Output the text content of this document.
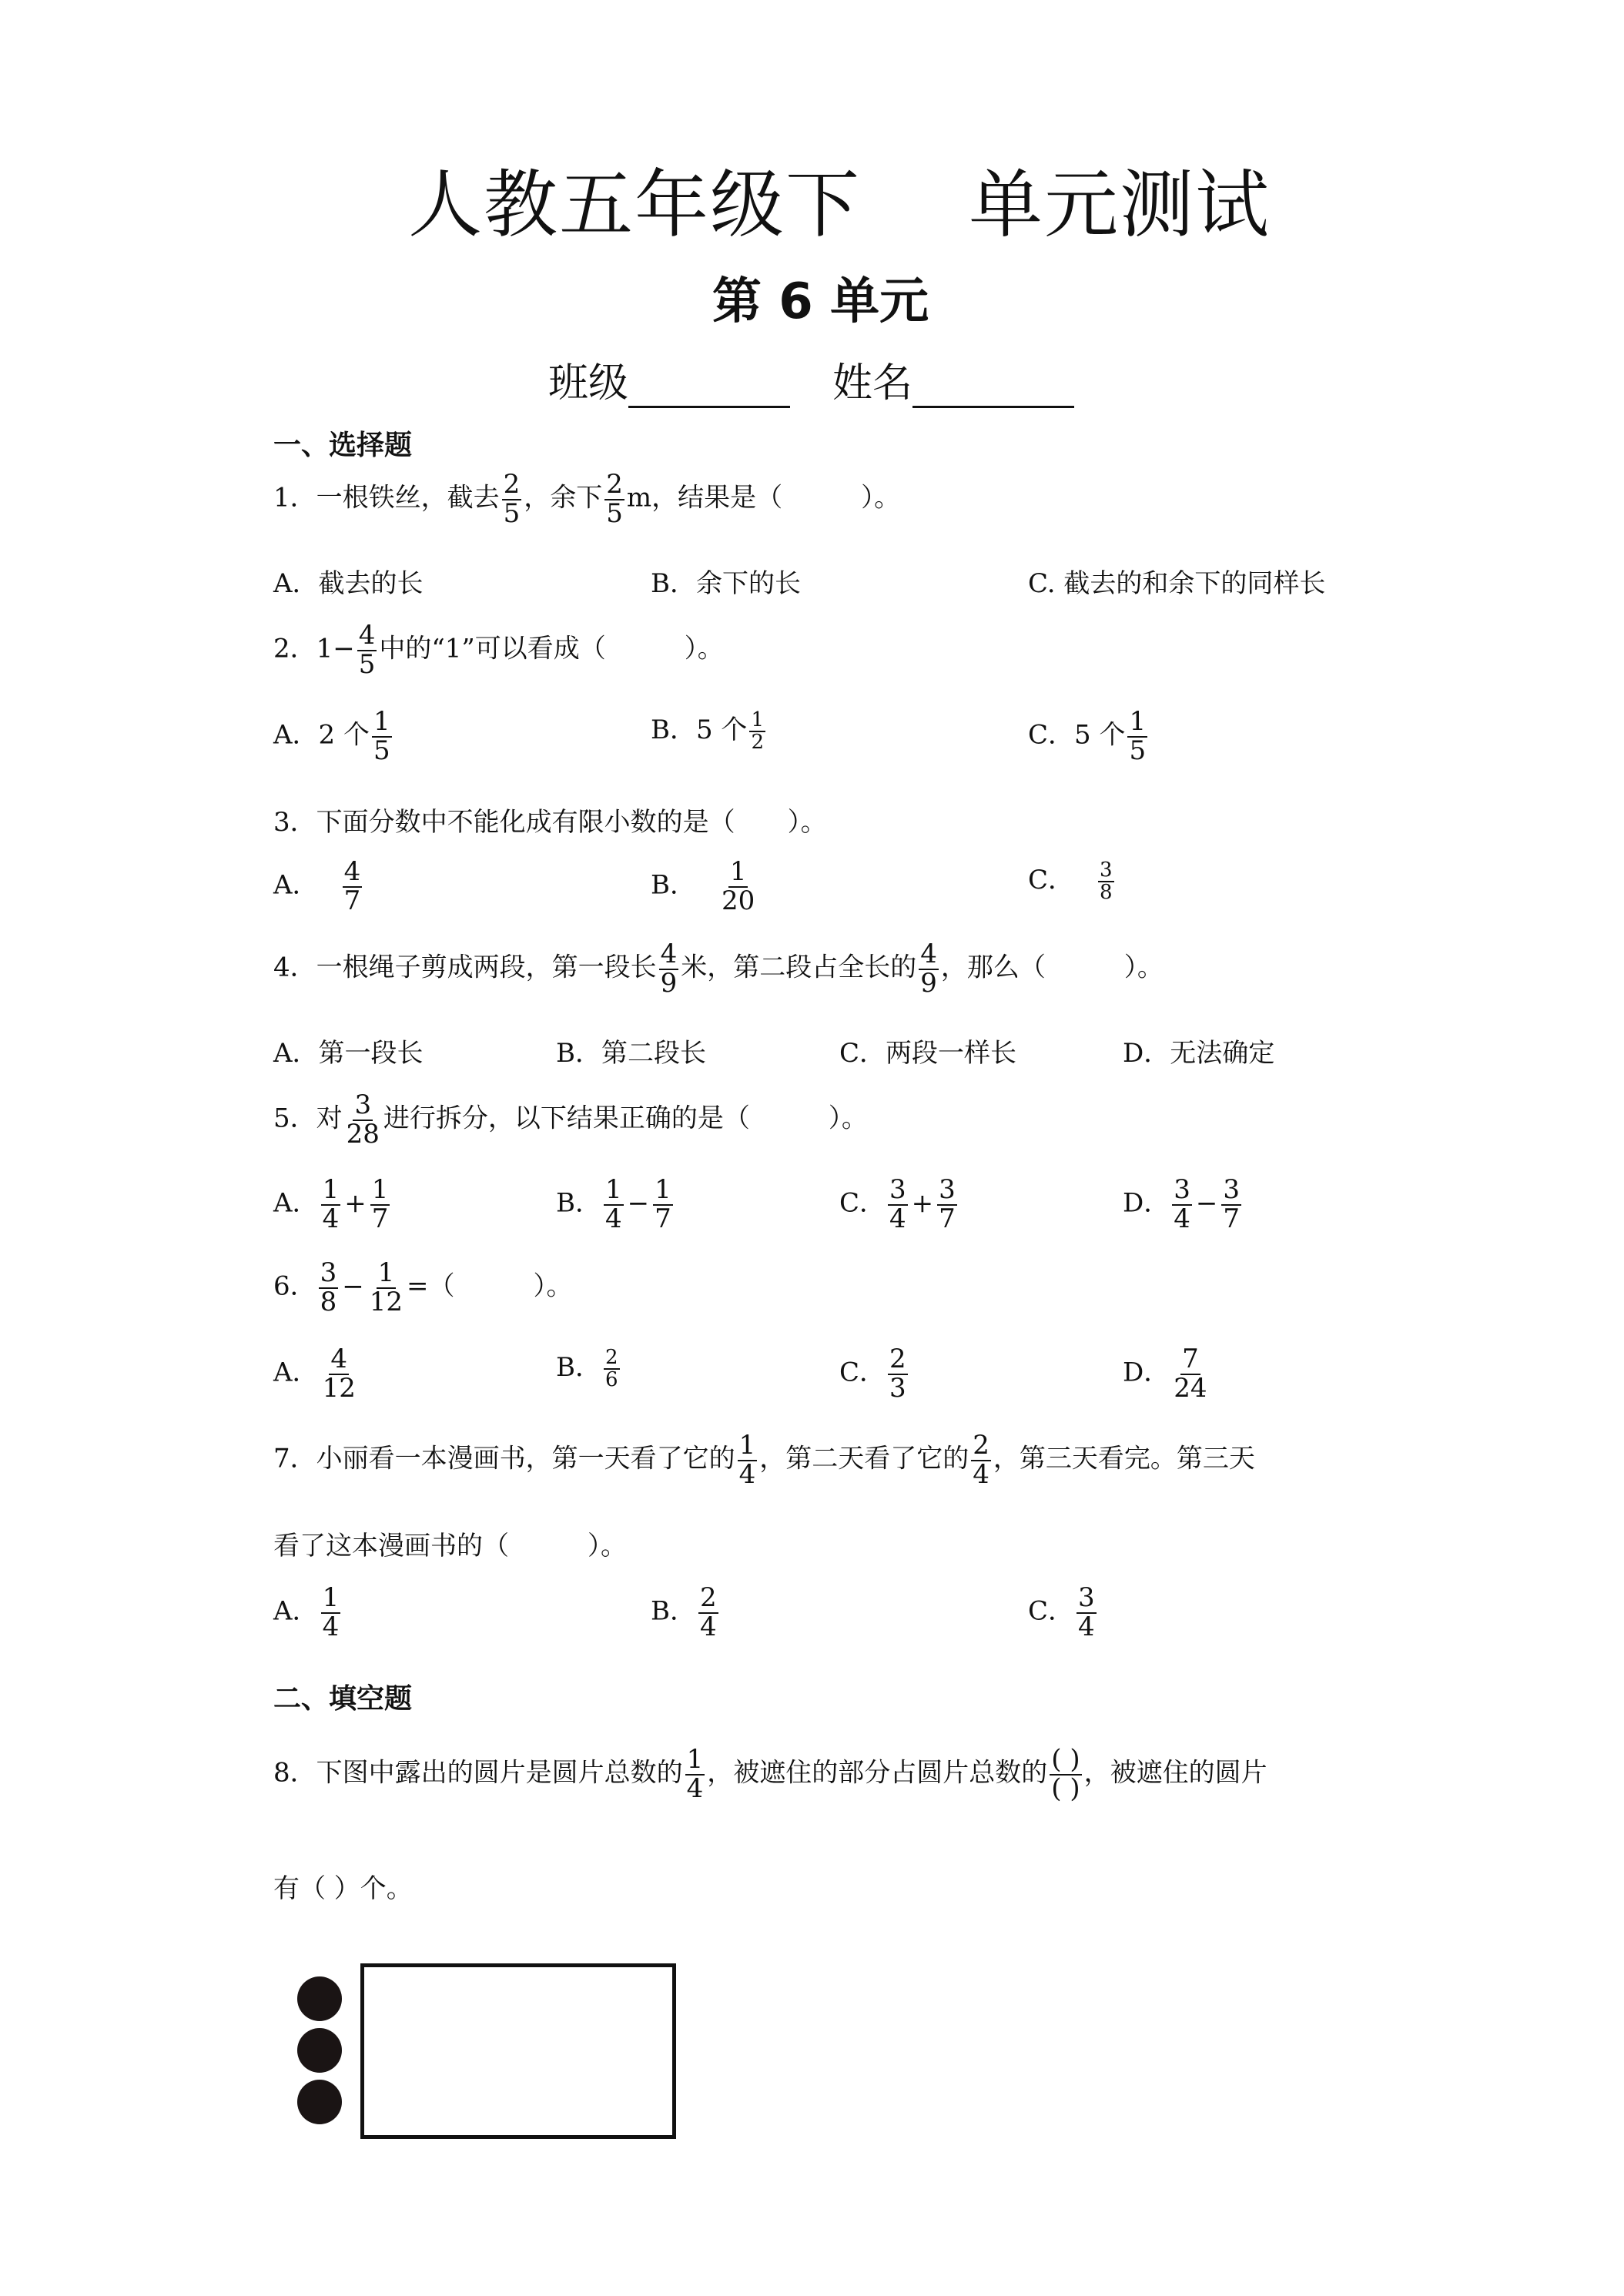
人教五年级下 单元测试
第 6 单元
班级	姓名
一、选择题
1．一根铁丝，截去 $\frac{2}{5}$ ，余下 $\frac{2}{5}$ m，结果是（　　　）。
A．截去的长	B．余下的长	C. 截去的和余下的同样长
2．$1- \frac{4}{5}$ 中的“1”可以看成（　　　）。
A．2 个 $\frac{1}{5}$	B．5 个 $\frac{1}{2}$	C．5 个 $\frac{1}{5}$
3．下面分数中不能化成有限小数的是（　　）。
A． $\frac{4}{7}$	B． $\frac{1}{20}$	C． $\frac{3}{8}$
4．一根绳子剪成两段，第一段长 $\frac{4}{9}$ 米，第二段占全长的 $\frac{4}{9}$ ，那么（　　　）。
A．第一段长	B．第二段长	C．两段一样长	D．无法确定
5．对 $\frac{3}{28}$ 进行拆分，以下结果正确的是（　　　）。
A． $\frac{1}{4} + \frac{1}{7}$	B． $\frac{1}{4} - \frac{1}{7}$	C． $\frac{3}{4} + \frac{3}{7}$	D． $\frac{3}{4} - \frac{3}{7}$
6． $\frac{3}{8} - \frac{1}{12}$ =（　　　）。
A． $\frac{4}{12}$	B． $\frac{2}{6}$	C． $\frac{2}{3}$	D． $\frac{7}{24}$
7．小丽看一本漫画书，第一天看了它的 $\frac{1}{4}$ ，第二天看了它的 $\frac{2}{4}$ ，第三天看完。第三天
看了这本漫画书的（　　　）。
A． $\frac{1}{4}$	B． $\frac{2}{4}$	C． $\frac{3}{4}$
二、填空题
8．下图中露出的圆片是圆片总数的 $\frac{1}{4}$ ，被遮住的部分占圆片总数的 ( )
( ) ，被遮住的圆片
有（ ）个。
